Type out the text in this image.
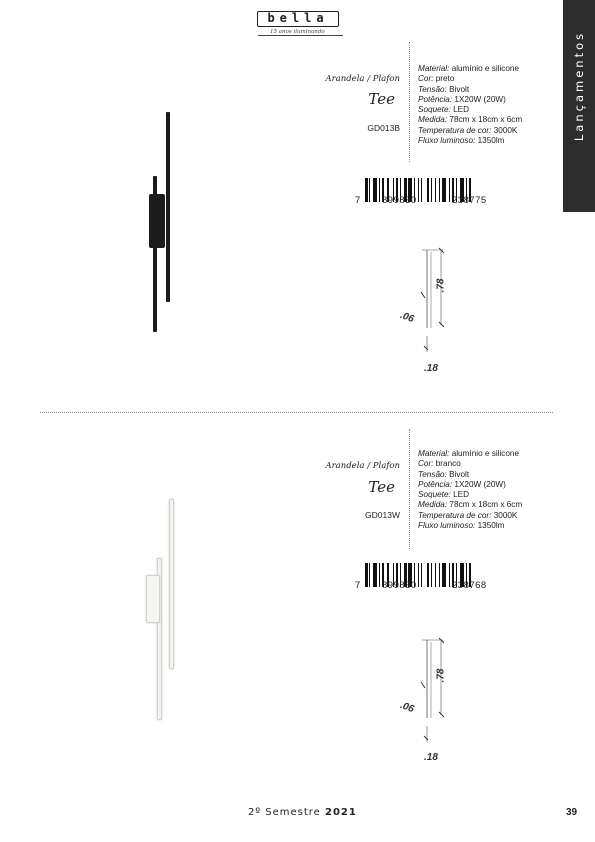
bella
15 anos iluminando	Lançamentos
Arandela / Plafon
Tee
GD013B
Material: alumínio e silicone
Cor: preto
Tensão: Bivolt
Potência: 1X20W (20W)
Soquete: LED
Medida: 78cm x 18cm x 6cm
Temperatura de cor: 3000K
Fluxo luminoso: 1350lm
7 899830	238775
.78
.06
.18
Arandela / Plafon
Tee
GD013W
Material: alumínio e silicone
Cor: branco
Tensão: Bivolt
Potência: 1X20W (20W)
Soquete: LED
Medida: 78cm x 18cm x 6cm
Temperatura de cor: 3000K
Fluxo luminoso: 1350lm
7 899830	238768
.78
.06
.18
2º Semestre 2021	39
